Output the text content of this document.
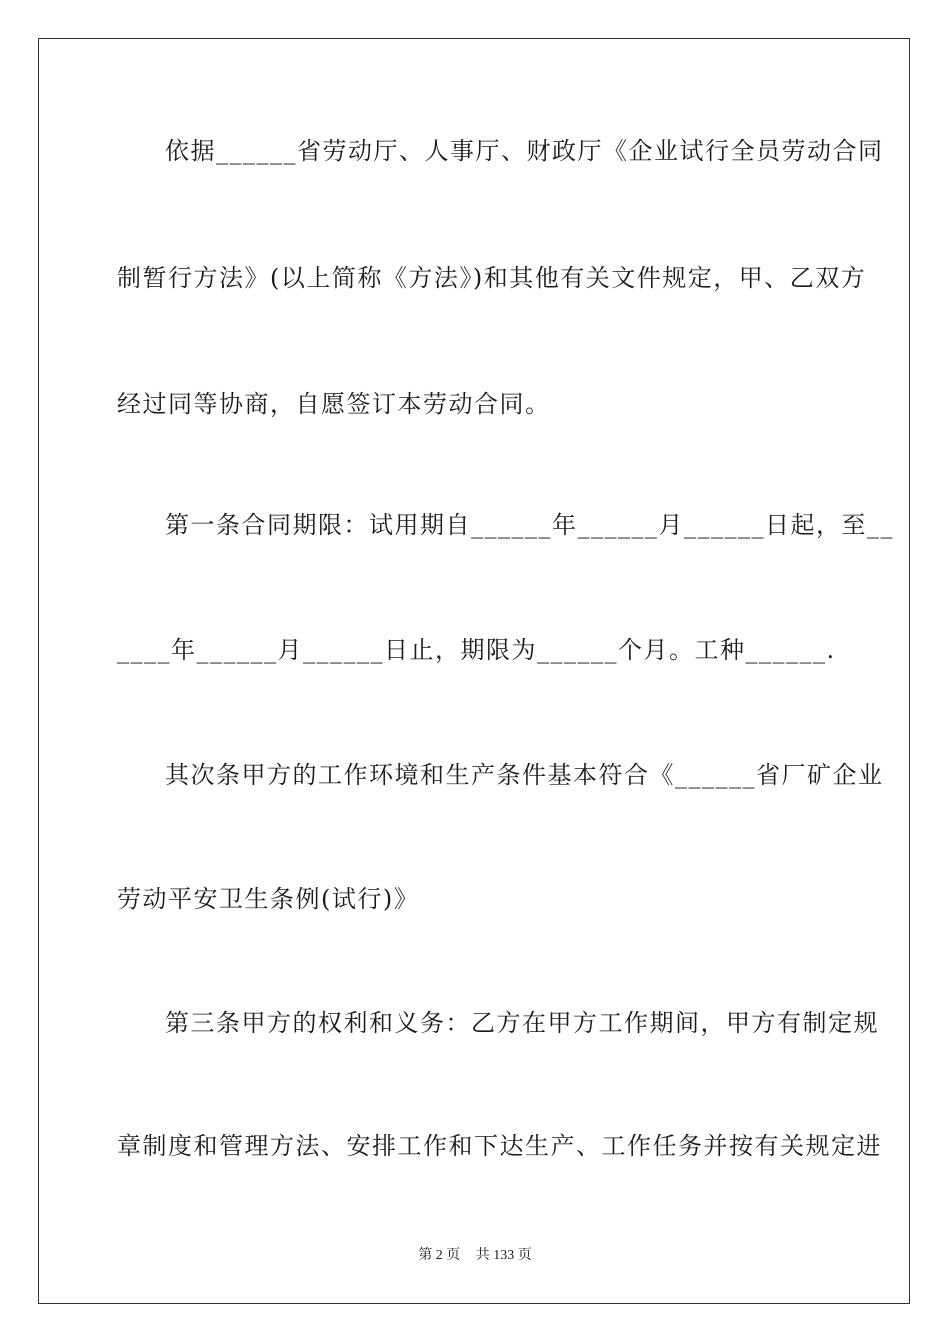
依据______省劳动厅、人事厅、财政厅《企业试行全员劳动合同
制暂行方法》(以上简称《方法》)和其他有关文件规定，甲、乙双方
经过同等协商，自愿签订本劳动合同。
第一条合同期限：试用期自______年______月______日起，至__
____年______月______日止，期限为______个月。工种______.
其次条甲方的工作环境和生产条件基本符合《______省厂矿企业
劳动平安卫生条例(试行)》
第三条甲方的权利和义务：乙方在甲方工作期间，甲方有制定规
章制度和管理方法、安排工作和下达生产、工作任务并按有关规定进
第 2 页 共 133 页
